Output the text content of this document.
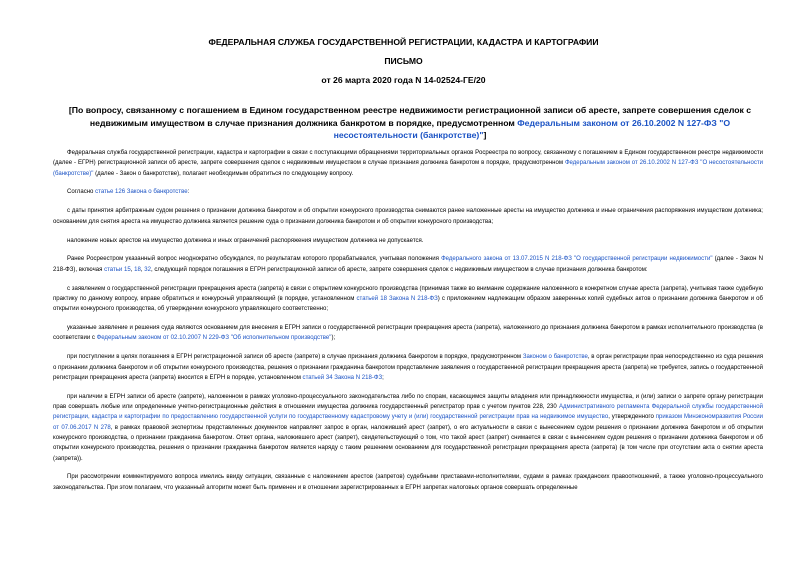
ФЕДЕРАЛЬНАЯ СЛУЖБА ГОСУДАРСТВЕННОЙ РЕГИСТРАЦИИ, КАДАСТРА И КАРТОГРАФИИ
ПИСЬМО
от 26 марта 2020 года N 14-02524-ГЕ/20
[По вопросу, связанному с погашением в Едином государственном реестре недвижимости регистрационной записи об аресте, запрете совершения сделок с недвижимым имуществом в случае признания должника банкротом в порядке, предусмотренном Федеральным законом от 26.10.2002 N 127-ФЗ "О несостоятельности (банкротстве)"]

Федеральная служба государственной регистрации, кадастра и картографии в связи с поступающими обращениями территориальных органов Росреестра по вопросу, связанному с погашением в Едином государственном реестре недвижимости (далее - ЕГРН) регистрационной записи об аресте, запрете совершения сделок с недвижимым имуществом в случае признания должника банкротом в порядке, предусмотренном Федеральным законом от 26.10.2002 N 127-ФЗ "О несостоятельности (банкротстве)" (далее - Закон о банкротстве), полагает необходимым обратиться по следующему вопросу.

Согласно статье 126 Закона о банкротстве:

с даты принятия арбитражным судом решения о признании должника банкротом и об открытии конкурсного производства снимаются ранее наложенные аресты на имущество должника и иные ограничения распоряжения имуществом должника; основанием для снятия ареста на имущество должника является решение суда о признании должника банкротом и об открытии конкурсного производства;

наложение новых арестов на имущество должника и иных ограничений распоряжения имуществом должника не допускается.

Ранее Росреестром указанный вопрос неоднократно обсуждался, по результатам которого прорабатывался, учитывая положения Федерального закона от 13.07.2015 N 218-ФЗ "О государственной регистрации недвижимости" (далее - Закон N 218-ФЗ), включая статьи 15, 18, 32, следующий порядок погашения в ЕГРН регистрационной записи об аресте, запрете совершения сделок с недвижимым имуществом в случае признания должника банкротом:

с заявлением о государственной регистрации прекращения ареста (запрета) в связи с открытием конкурсного производства (принимая также во внимание содержание наложенного в конкретном случае ареста (запрета), учитывая также судебную практику по данному вопросу, вправе обратиться и конкурсный управляющий (в порядке, установленном статьей 18 Закона N 218-ФЗ) с приложением надлежащим образом заверенных копий судебных актов о признании должника банкротом и об открытии конкурсного производства, об утверждении конкурсного управляющего соответственно;

указанные заявление и решения суда являются основанием для внесения в ЕГРН записи о государственной регистрации прекращения ареста (запрета), наложенного до признания должника банкротом в рамках исполнительного производства (в соответствии с Федеральным законом от 02.10.2007 N 229-ФЗ "Об исполнительном производстве");

при поступлении в целях погашения в ЕГРН регистрационной записи об аресте (запрете) в случае признания должника банкротом в порядке, предусмотренном Законом о банкротстве, в орган регистрации прав непосредственно из суда решения о признании должника банкротом и об открытии конкурсного производства, решения о признании гражданина банкротом представление заявления о государственной регистрации прекращения ареста (запрета) не требуется, запись о государственной регистрации прекращения ареста (запрета) вносится в ЕГРН в порядке, установленном статьей 34 Закона N 218-ФЗ;

при наличии в ЕГРН записи об аресте (запрете), наложенном в рамках уголовно-процессуального законодательства либо по спорам, касающимся защиты владения или принадлежности имущества, и (или) записи о запрете органу регистрации прав совершать любые или определенные учетно-регистрационные действия в отношении имущества должника государственный регистратор прав с учетом пунктов 228, 230 Административного регламента Федеральной службы государственной регистрации, кадастра и картографии по предоставлению государственной услуги по государственному кадастровому учету и (или) государственной регистрации прав на недвижимое имущество, утвержденного приказом Минэкономразвития России от 07.06.2017 N 278, в рамках правовой экспертизы представленных документов направляет запрос в орган, наложивший арест (запрет), о его актуальности в связи с вынесением судом решения о признании должника банкротом и об открытии конкурсного производства, о признании гражданина банкротом. Ответ органа, наложившего арест (запрет), свидетельствующий о том, что такой арест (запрет) снимается в связи с вынесением судом решения о признании должника банкротом и об открытии конкурсного производства, решения о признании гражданина банкротом является наряду с таким решением основанием для государственной регистрации прекращения ареста (запрета) (в том числе при отсутствии акта о снятии ареста (запрета)).

При рассмотрении комментируемого вопроса имелись ввиду ситуации, связанные с наложением арестов (запретов) судебными приставами-исполнителями, судами в рамках гражданских правоотношений, а также уголовно-процессуального законодательства. При этом полагаем, что указанный алгоритм может быть применен и в отношении зарегистрированных в ЕГРН запретах налоговых органов совершать определенные
